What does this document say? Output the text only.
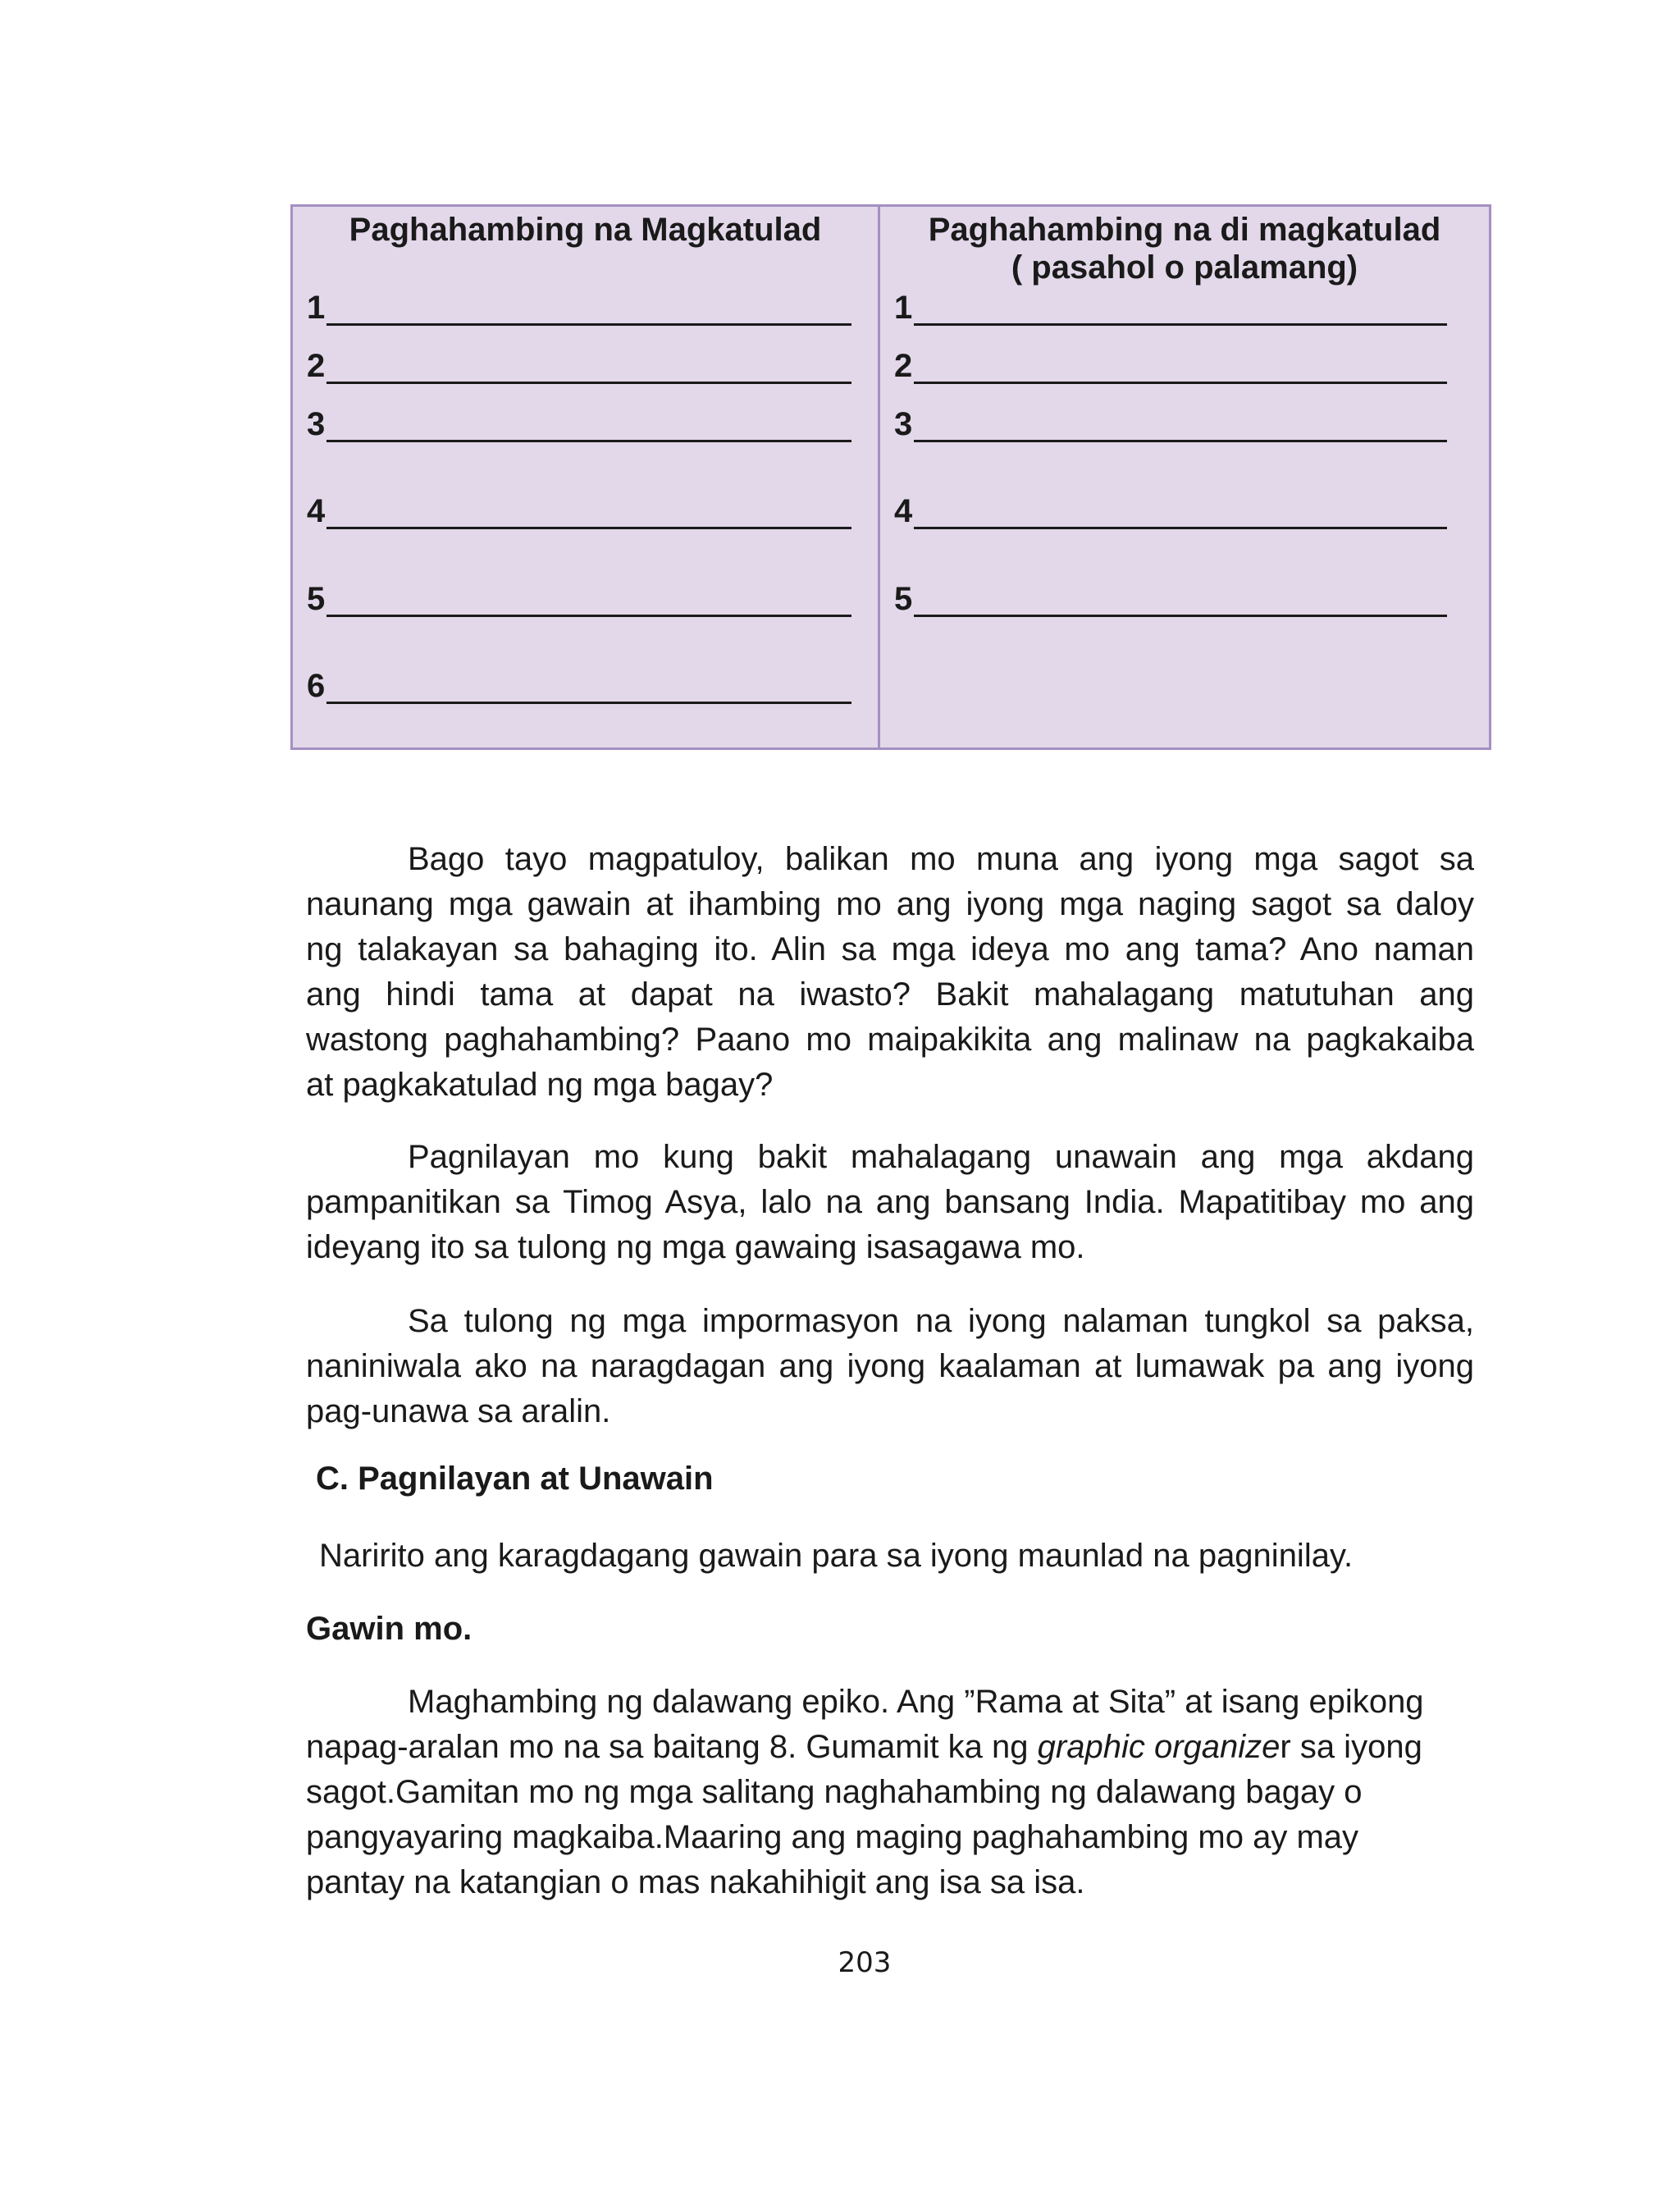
Paghahambing na Magkatulad
1
2
3
4
5
6
Paghahambing na di magkatulad
( pasahol o palamang)
1
2
3
4
5
Bago tayo magpatuloy, balikan mo muna ang iyong mga sagot sa
naunang mga gawain at ihambing mo ang iyong mga naging sagot sa daloy
ng talakayan sa bahaging ito. Alin sa mga ideya mo ang tama? Ano naman
ang hindi tama at dapat na iwasto? Bakit mahalagang matutuhan ang
wastong paghahambing? Paano mo maipakikita ang malinaw na pagkakaiba
at pagkakatulad ng mga bagay?
Pagnilayan mo kung bakit mahalagang unawain ang mga akdang
pampanitikan sa Timog Asya, lalo na ang bansang India. Mapatitibay mo ang
ideyang ito sa tulong ng mga gawaing isasagawa mo.
Sa tulong ng mga impormasyon na iyong nalaman tungkol sa paksa,
naniniwala ako na naragdagan ang iyong kaalaman at lumawak pa ang iyong
pag-unawa sa aralin.
C. Pagnilayan at Unawain

Naririto ang karagdagang gawain para sa iyong maunlad na pagninilay.

Gawin mo.

Maghambing ng dalawang epiko. Ang ”Rama at Sita” at isang epikong
napag-aralan mo na sa baitang 8. Gumamit ka ng graphic organizer sa iyong
sagot.Gamitan mo ng mga salitang naghahambing ng dalawang bagay o
pangyayaring magkaiba.Maaring ang maging paghahambing mo ay may
pantay na katangian o mas nakahihigit ang isa sa isa.
203
